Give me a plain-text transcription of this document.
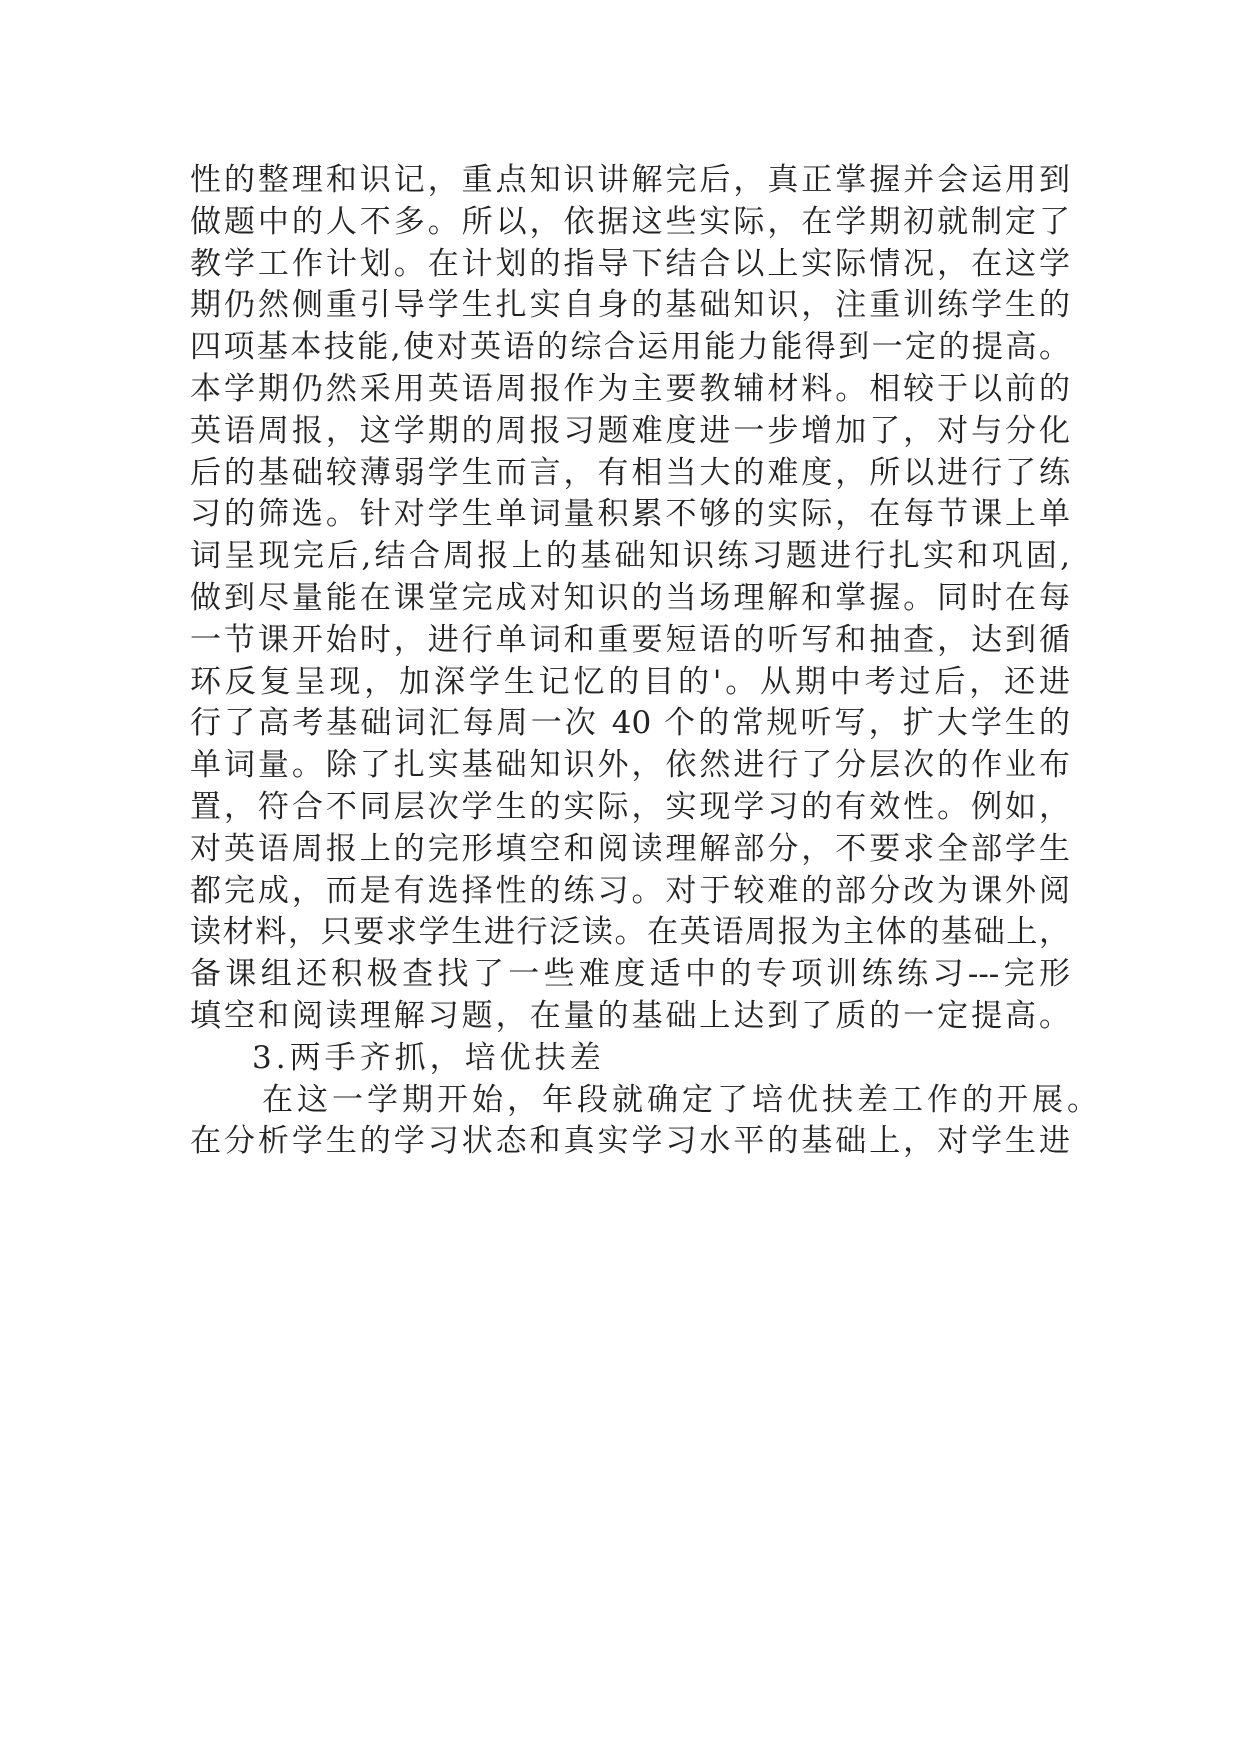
性的整理和识记，重点知识讲解完后，真正掌握并会运用到
做题中的人不多。所以，依据这些实际，在学期初就制定了
教学工作计划。在计划的指导下结合以上实际情况，在这学
期仍然侧重引导学生扎实自身的基础知识，注重训练学生的
四项基本技能,使对英语的综合运用能力能得到一定的提高。
本学期仍然采用英语周报作为主要教辅材料。相较于以前的
英语周报，这学期的周报习题难度进一步增加了，对与分化
后的基础较薄弱学生而言，有相当大的难度，所以进行了练
习的筛选。针对学生单词量积累不够的实际，在每节课上单
词呈现完后,结合周报上的基础知识练习题进行扎实和巩固,
做到尽量能在课堂完成对知识的当场理解和掌握。同时在每
一节课开始时，进行单词和重要短语的听写和抽查，达到循
环反复呈现，加深学生记忆的目的'。从期中考过后，还进
行了高考基础词汇每周一次 40 个的常规听写，扩大学生的
单词量。除了扎实基础知识外，依然进行了分层次的作业布
置，符合不同层次学生的实际，实现学习的有效性。例如，
对英语周报上的完形填空和阅读理解部分，不要求全部学生
都完成，而是有选择性的练习。对于较难的部分改为课外阅
读材料，只要求学生进行泛读。在英语周报为主体的基础上，
备课组还积极查找了一些难度适中的专项训练练习---完形
填空和阅读理解习题，在量的基础上达到了质的一定提高。
3.两手齐抓，培优扶差
在这一学期开始，年段就确定了培优扶差工作的开展。
在分析学生的学习状态和真实学习水平的基础上，对学生进
